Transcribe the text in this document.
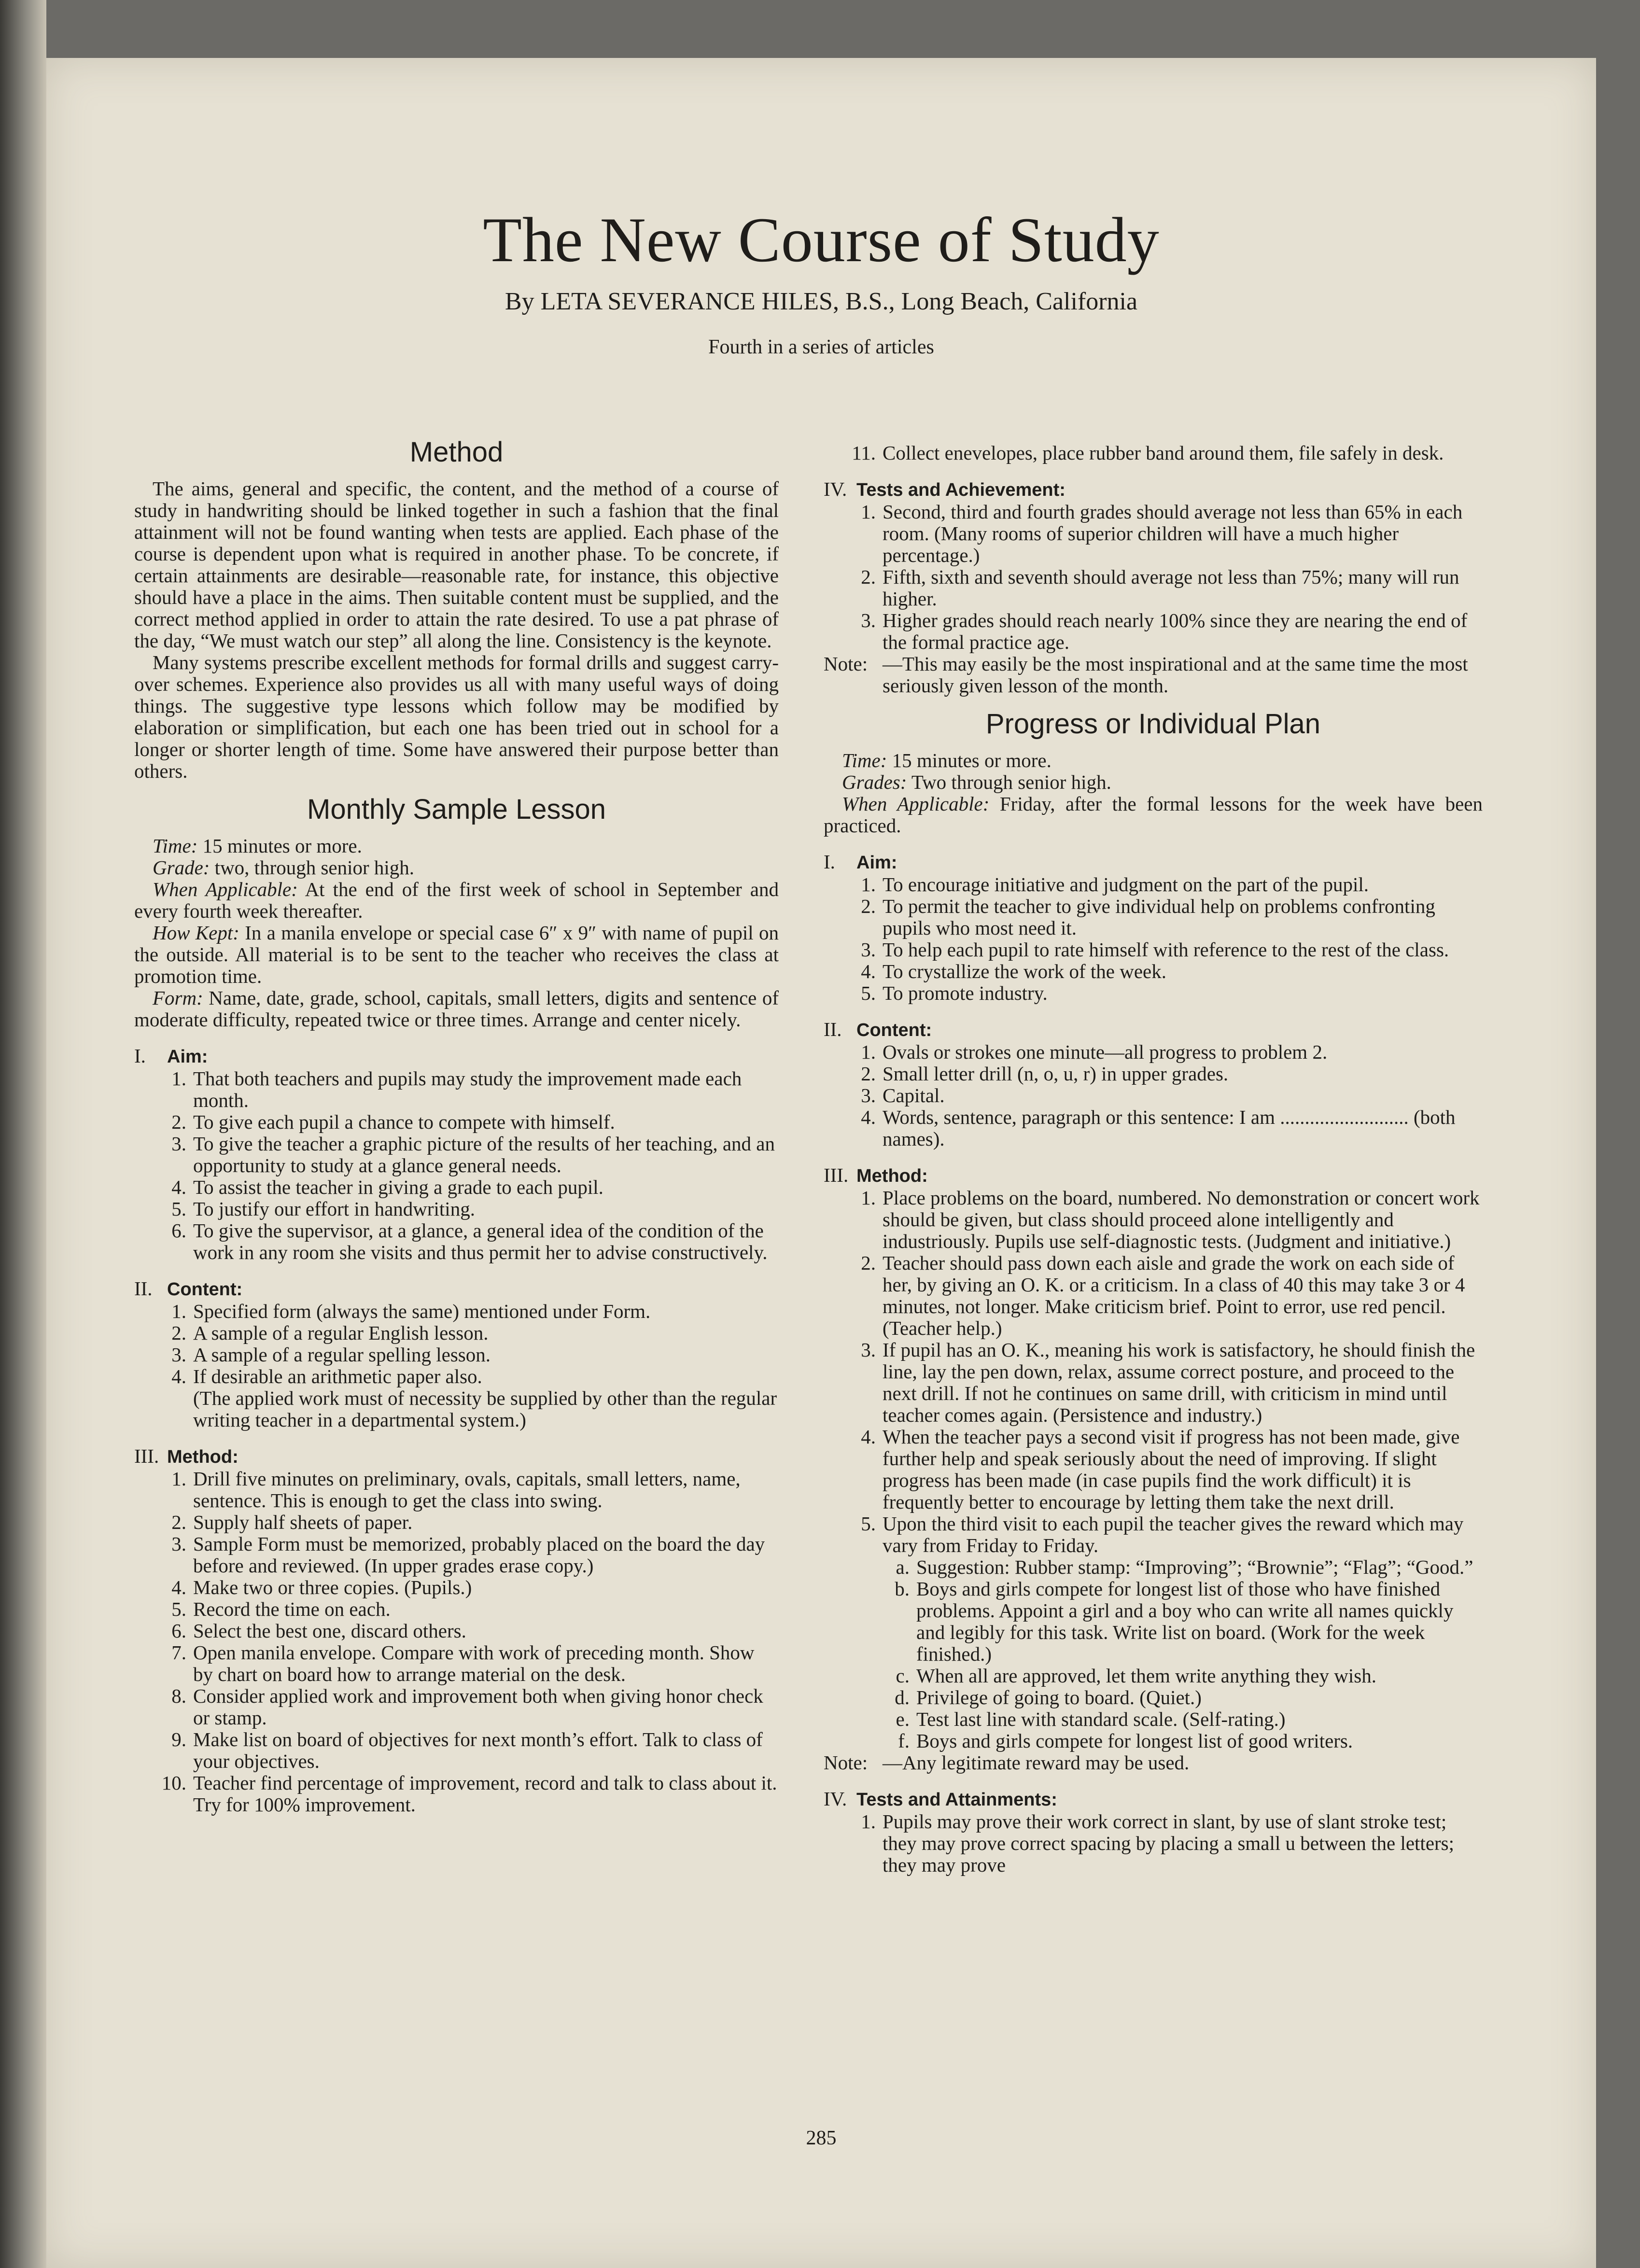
The New Course of Study
By LETA SEVERANCE HILES, B.S., Long Beach, California
Fourth in a series of articles
Method

The aims, general and specific, the content, and the method of a course of study in handwriting should be linked together in such a fashion that the final attainment will not be found wanting when tests are applied. Each phase of the course is dependent upon what is required in another phase. To be concrete, if certain attainments are desirable—reasonable rate, for instance, this objective should have a place in the aims. Then suitable content must be supplied, and the correct method applied in order to attain the rate desired. To use a pat phrase of the day, “We must watch our step” all along the line. Consistency is the keynote.

Many systems prescribe excellent methods for formal drills and suggest carry-over schemes. Experience also provides us all with many useful ways of doing things. The suggestive type lessons which follow may be modified by elaboration or simplification, but each one has been tried out in school for a longer or shorter length of time. Some have answered their purpose better than others.

Monthly Sample Lesson
Time: 15 minutes or more.
Grade: two, through senior high.

When Applicable: At the end of the first week of school in September and every fourth week thereafter.

How Kept: In a manila envelope or special case 6″ x 9″ with name of pupil on the outside. All material is to be sent to the teacher who receives the class at promotion time.

Form: Name, date, grade, school, capitals, small letters, digits and sentence of moderate difficulty, repeated twice or three times. Arrange and center nicely.

I. Aim:
1. That both teachers and pupils may study the improvement made each month.
2. To give each pupil a chance to compete with himself.
3. To give the teacher a graphic picture of the results of her teaching, and an opportunity to study at a glance general needs.
4. To assist the teacher in giving a grade to each pupil.
5. To justify our effort in handwriting.
6. To give the supervisor, at a glance, a general idea of the condition of the work in any room she visits and thus permit her to advise constructively.
II. Content:
1. Specified form (always the same) mentioned under Form.
2. A sample of a regular English lesson.
3. A sample of a regular spelling lesson.
4. If desirable an arithmetic paper also.
(The applied work must of necessity be supplied by other than the regular writing teacher in a departmental system.)
III. Method:
1. Drill five minutes on preliminary, ovals, capitals, small letters, name, sentence. This is enough to get the class into swing.
2. Supply half sheets of paper.
3. Sample Form must be memorized, probably placed on the board the day before and reviewed. (In upper grades erase copy.)
4. Make two or three copies. (Pupils.)
5. Record the time on each.
6. Select the best one, discard others.
7. Open manila envelope. Compare with work of preceding month. Show by chart on board how to arrange material on the desk.
8. Consider applied work and improvement both when giving honor check or stamp.
9. Make list on board of objectives for next month’s effort. Talk to class of your objectives.
10. Teacher find percentage of improvement, record and talk to class about it. Try for 100% improvement.
11. Collect enevelopes, place rubber band around them, file safely in desk.
IV. Tests and Achievement:
1. Second, third and fourth grades should average not less than 65% in each room. (Many rooms of superior children will have a much higher percentage.)
2. Fifth, sixth and seventh should average not less than 75%; many will run higher.
3. Higher grades should reach nearly 100% since they are nearing the end of the formal practice age.
Note: —This may easily be the most inspirational and at the same time the most seriously given lesson of the month.
Progress or Individual Plan
Time: 15 minutes or more.
Grades: Two through senior high.

When Applicable: Friday, after the formal lessons for the week have been practiced.

I. Aim:
1. To encourage initiative and judgment on the part of the pupil.
2. To permit the teacher to give individual help on problems confronting pupils who most need it.
3. To help each pupil to rate himself with reference to the rest of the class.
4. To crystallize the work of the week.
5. To promote industry.
II. Content:
1. Ovals or strokes one minute—all progress to problem 2.
2. Small letter drill (n, o, u, r) in upper grades.
3. Capital.
4. Words, sentence, paragraph or this sentence: I am .......................... (both names).
III. Method:
1. Place problems on the board, numbered. No demonstration or concert work should be given, but class should proceed alone intelligently and industriously. Pupils use self-diagnostic tests. (Judgment and initiative.)
2. Teacher should pass down each aisle and grade the work on each side of her, by giving an O. K. or a criticism. In a class of 40 this may take 3 or 4 minutes, not longer. Make criticism brief. Point to error, use red pencil. (Teacher help.)
3. If pupil has an O. K., meaning his work is satisfactory, he should finish the line, lay the pen down, relax, assume correct posture, and proceed to the next drill. If not he continues on same drill, with criticism in mind until teacher comes again. (Persistence and industry.)
4. When the teacher pays a second visit if progress has not been made, give further help and speak seriously about the need of improving. If slight progress has been made (in case pupils find the work difficult) it is frequently better to encourage by letting them take the next drill.
5. Upon the third visit to each pupil the teacher gives the reward which may vary from Friday to Friday.
a. Suggestion: Rubber stamp: “Improving”; “Brownie”; “Flag”; “Good.”
b. Boys and girls compete for longest list of those who have finished problems. Appoint a girl and a boy who can write all names quickly and legibly for this task. Write list on board. (Work for the week finished.)
c. When all are approved, let them write anything they wish.
d. Privilege of going to board. (Quiet.)
e. Test last line with standard scale. (Self-rating.)
f. Boys and girls compete for longest list of good writers.
Note: —Any legitimate reward may be used.
IV. Tests and Attainments:
1. Pupils may prove their work correct in slant, by use of slant stroke test; they may prove correct spacing by placing a small u between the letters; they may prove
285
